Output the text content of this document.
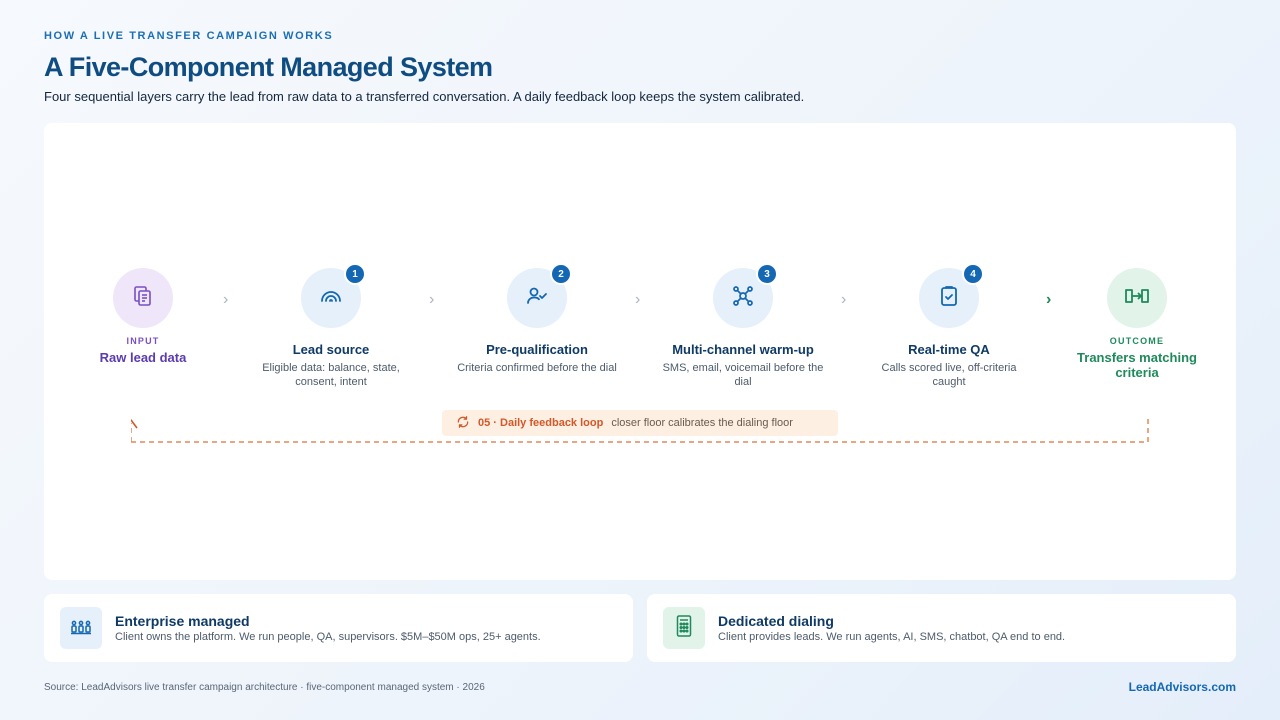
HOW A LIVE TRANSFER CAMPAIGN WORKS
A Five-Component Managed System
Four sequential layers carry the lead from raw data to a transferred conversation. A daily feedback loop keeps the system calibrated.
INPUT
Raw lead data
›
1
Lead source
Eligible data: balance, state, consent, intent
›
2
Pre-qualification
Criteria confirmed before the dial
›
3
Multi-channel warm-up
SMS, email, voicemail before the dial
›
4
Real-time QA
Calls scored live, off-criteria caught
›
OUTCOME
Transfers matching criteria
05 · Daily feedback loop closer floor calibrates the dialing floor
Enterprise managed
Client owns the platform. We run people, QA, supervisors. $5M–$50M ops, 25+ agents.
Dedicated dialing
Client provides leads. We run agents, AI, SMS, chatbot, QA end to end.
Source: LeadAdvisors live transfer campaign architecture · five-component managed system · 2026	LeadAdvisors.com
